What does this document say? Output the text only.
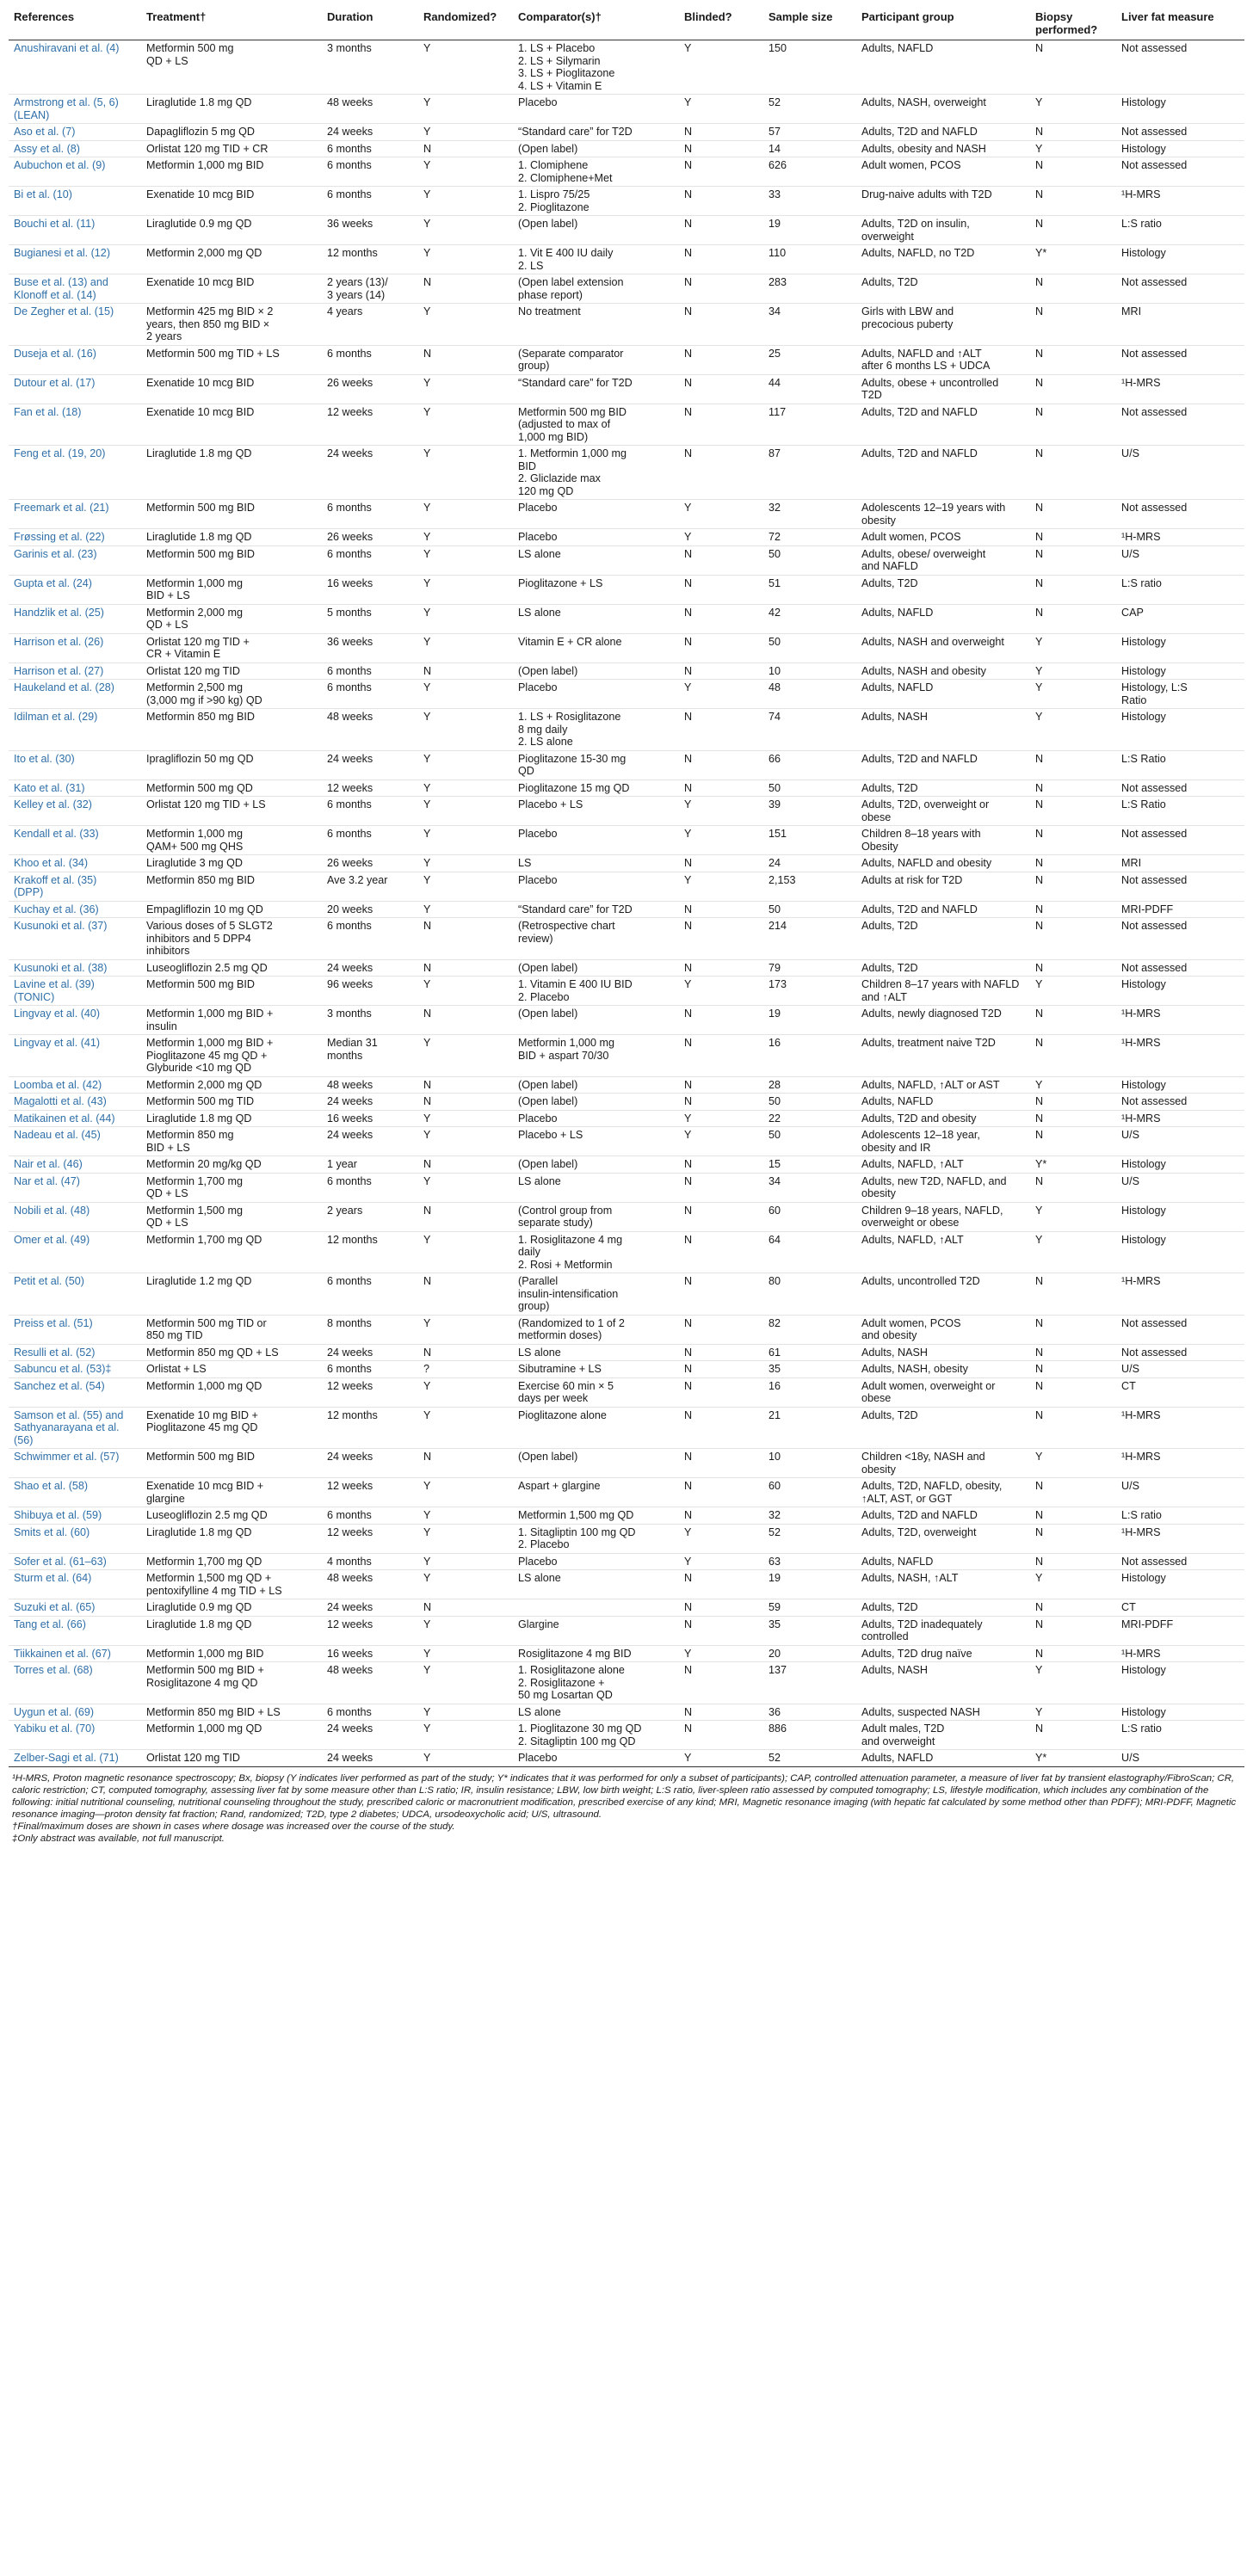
References	Treatment†	Duration	Randomized?	Comparator(s)†	Blinded?	Sample size	Participant group	Biopsy performed?	Liver fat measure

Anushiravani et al. (4)	Metformin 500 mg
QD + LS	3 months	Y	1. LS + Placebo
2. LS + Silymarin
3. LS + Pioglitazone
4. LS + Vitamin E	Y	150	Adults, NAFLD	N	Not assessed

Armstrong et al. (5, 6)
(LEAN)	Liraglutide 1.8 mg QD	48 weeks	Y	Placebo	Y	52	Adults, NASH, overweight	Y	Histology

Aso et al. (7)	Dapagliflozin 5 mg QD	24 weeks	Y	“Standard care” for T2D	N	57	Adults, T2D and NAFLD	N	Not assessed

Assy et al. (8)	Orlistat 120 mg TID + CR	6 months	N	(Open label)	N	14	Adults, obesity and NASH	Y	Histology

Aubuchon et al. (9)	Metformin 1,000 mg BID	6 months	Y	1. Clomiphene
2. Clomiphene+Met	N	626	Adult women, PCOS	N	Not assessed

Bi et al. (10)	Exenatide 10 mcg BID	6 months	Y	1. Lispro 75/25
2. Pioglitazone	N	33	Drug-naive adults with T2D	N	¹H-MRS

Bouchi et al. (11)	Liraglutide 0.9 mg QD	36 weeks	Y	(Open label)	N	19	Adults, T2D on insulin,
overweight	N	L:S ratio

Bugianesi et al. (12)	Metformin 2,000 mg QD	12 months	Y	1. Vit E 400 IU daily
2. LS	N	110	Adults, NAFLD, no T2D	Y*	Histology

Buse et al. (13) and
Klonoff et al. (14)	Exenatide 10 mcg BID	2 years (13)/
3 years (14)	N	(Open label extension
phase report)	N	283	Adults, T2D	N	Not assessed

De Zegher et al. (15)	Metformin 425 mg BID × 2
years, then 850 mg BID ×
2 years	4 years	Y	No treatment	N	34	Girls with LBW and
precocious puberty	N	MRI

Duseja et al. (16)	Metformin 500 mg TID + LS	6 months	N	(Separate comparator
group)	N	25	Adults, NAFLD and ↑ALT
after 6 months LS + UDCA	N	Not assessed

Dutour et al. (17)	Exenatide 10 mcg BID	26 weeks	Y	“Standard care” for T2D	N	44	Adults, obese + uncontrolled
T2D	N	¹H-MRS

Fan et al. (18)	Exenatide 10 mcg BID	12 weeks	Y	Metformin 500 mg BID
(adjusted to max of
1,000 mg BID)	N	117	Adults, T2D and NAFLD	N	Not assessed

Feng et al. (19, 20)	Liraglutide 1.8 mg QD	24 weeks	Y	1. Metformin 1,000 mg
BID
2. Gliclazide max
120 mg QD	N	87	Adults, T2D and NAFLD	N	U/S

Freemark et al. (21)	Metformin 500 mg BID	6 months	Y	Placebo	Y	32	Adolescents 12–19 years with
obesity	N	Not assessed

Frøssing et al. (22)	Liraglutide 1.8 mg QD	26 weeks	Y	Placebo	Y	72	Adult women, PCOS	N	¹H-MRS

Garinis et al. (23)	Metformin 500 mg BID	6 months	Y	LS alone	N	50	Adults, obese/ overweight
and NAFLD	N	U/S

Gupta et al. (24)	Metformin 1,000 mg
BID + LS	16 weeks	Y	Pioglitazone + LS	N	51	Adults, T2D	N	L:S ratio

Handzlik et al. (25)	Metformin 2,000 mg
QD + LS	5 months	Y	LS alone	N	42	Adults, NAFLD	N	CAP

Harrison et al. (26)	Orlistat 120 mg TID +
CR + Vitamin E	36 weeks	Y	Vitamin E + CR alone	N	50	Adults, NASH and overweight	Y	Histology

Harrison et al. (27)	Orlistat 120 mg TID	6 months	N	(Open label)	N	10	Adults, NASH and obesity	Y	Histology

Haukeland et al. (28)	Metformin 2,500 mg
(3,000 mg if >90 kg) QD	6 months	Y	Placebo	Y	48	Adults, NAFLD	Y	Histology, L:S
Ratio

Idilman et al. (29)	Metformin 850 mg BID	48 weeks	Y	1. LS + Rosiglitazone
8 mg daily
2. LS alone	N	74	Adults, NASH	Y	Histology

Ito et al. (30)	Ipragliflozin 50 mg QD	24 weeks	Y	Pioglitazone 15-30 mg
QD	N	66	Adults, T2D and NAFLD	N	L:S Ratio

Kato et al. (31)	Metformin 500 mg QD	12 weeks	Y	Pioglitazone 15 mg QD	N	50	Adults, T2D	N	Not assessed

Kelley et al. (32)	Orlistat 120 mg TID + LS	6 months	Y	Placebo + LS	Y	39	Adults, T2D, overweight or
obese	N	L:S Ratio

Kendall et al. (33)	Metformin 1,000 mg
QAM+ 500 mg QHS	6 months	Y	Placebo	Y	151	Children 8–18 years with
Obesity	N	Not assessed

Khoo et al. (34)	Liraglutide 3 mg QD	26 weeks	Y	LS	N	24	Adults, NAFLD and obesity	N	MRI

Krakoff et al. (35)
(DPP)	Metformin 850 mg BID	Ave 3.2 year	Y	Placebo	Y	2,153	Adults at risk for T2D	N	Not assessed

Kuchay et al. (36)	Empagliflozin 10 mg QD	20 weeks	Y	“Standard care” for T2D	N	50	Adults, T2D and NAFLD	N	MRI-PDFF

Kusunoki et al. (37)	Various doses of 5 SLGT2
inhibitors and 5 DPP4
inhibitors	6 months	N	(Retrospective chart
review)	N	214	Adults, T2D	N	Not assessed

Kusunoki et al. (38)	Luseogliflozin 2.5 mg QD	24 weeks	N	(Open label)	N	79	Adults, T2D	N	Not assessed

Lavine et al. (39)
(TONIC)	Metformin 500 mg BID	96 weeks	Y	1. Vitamin E 400 IU BID
2. Placebo	Y	173	Children 8–17 years with NAFLD
and ↑ALT	Y	Histology

Lingvay et al. (40)	Metformin 1,000 mg BID +
insulin	3 months	N	(Open label)	N	19	Adults, newly diagnosed T2D	N	¹H-MRS

Lingvay et al. (41)	Metformin 1,000 mg BID +
Pioglitazone 45 mg QD +
Glyburide <10 mg QD	Median 31
months	Y	Metformin 1,000 mg
BID + aspart 70/30	N	16	Adults, treatment naive T2D	N	¹H-MRS

Loomba et al. (42)	Metformin 2,000 mg QD	48 weeks	N	(Open label)	N	28	Adults, NAFLD, ↑ALT or AST	Y	Histology

Magalotti et al. (43)	Metformin 500 mg TID	24 weeks	N	(Open label)	N	50	Adults, NAFLD	N	Not assessed

Matikainen et al. (44)	Liraglutide 1.8 mg QD	16 weeks	Y	Placebo	Y	22	Adults, T2D and obesity	N	¹H-MRS

Nadeau et al. (45)	Metformin 850 mg
BID + LS	24 weeks	Y	Placebo + LS	Y	50	Adolescents 12–18 year,
obesity and IR	N	U/S

Nair et al. (46)	Metformin 20 mg/kg QD	1 year	N	(Open label)	N	15	Adults, NAFLD, ↑ALT	Y*	Histology

Nar et al. (47)	Metformin 1,700 mg
QD + LS	6 months	Y	LS alone	N	34	Adults, new T2D, NAFLD, and
obesity	N	U/S

Nobili et al. (48)	Metformin 1,500 mg
QD + LS	2 years	N	(Control group from
separate study)	N	60	Children 9–18 years, NAFLD,
overweight or obese	Y	Histology

Omer et al. (49)	Metformin 1,700 mg QD	12 months	Y	1. Rosiglitazone 4 mg
daily
2. Rosi + Metformin	N	64	Adults, NAFLD, ↑ALT	Y	Histology

Petit et al. (50)	Liraglutide 1.2 mg QD	6 months	N	(Parallel
insulin-intensification
group)	N	80	Adults, uncontrolled T2D	N	¹H-MRS

Preiss et al. (51)	Metformin 500 mg TID or
850 mg TID	8 months	Y	(Randomized to 1 of 2
metformin doses)	N	82	Adult women, PCOS
and obesity	N	Not assessed

Resulli et al. (52)	Metformin 850 mg QD + LS	24 weeks	N	LS alone	N	61	Adults, NASH	N	Not assessed

Sabuncu et al. (53)‡	Orlistat + LS	6 months	?	Sibutramine + LS	N	35	Adults, NASH, obesity	N	U/S

Sanchez et al. (54)	Metformin 1,000 mg QD	12 weeks	Y	Exercise 60 min × 5
days per week	N	16	Adult women, overweight or
obese	N	CT

Samson et al. (55) and
Sathyanarayana et al.
(56)	Exenatide 10 mg BID +
Pioglitazone 45 mg QD	12 months	Y	Pioglitazone alone	N	21	Adults, T2D	N	¹H-MRS

Schwimmer et al. (57)	Metformin 500 mg BID	24 weeks	N	(Open label)	N	10	Children <18y, NASH and
obesity	Y	¹H-MRS

Shao et al. (58)	Exenatide 10 mcg BID +
glargine	12 weeks	Y	Aspart + glargine	N	60	Adults, T2D, NAFLD, obesity,
↑ALT, AST, or GGT	N	U/S

Shibuya et al. (59)	Luseogliflozin 2.5 mg QD	6 months	Y	Metformin 1,500 mg QD	N	32	Adults, T2D and NAFLD	N	L:S ratio

Smits et al. (60)	Liraglutide 1.8 mg QD	12 weeks	Y	1. Sitagliptin 100 mg QD
2. Placebo	Y	52	Adults, T2D, overweight	N	¹H-MRS

Sofer et al. (61–63)	Metformin 1,700 mg QD	4 months	Y	Placebo	Y	63	Adults, NAFLD	N	Not assessed

Sturm et al. (64)	Metformin 1,500 mg QD +
pentoxifylline 4 mg TID + LS	48 weeks	Y	LS alone	N	19	Adults, NASH, ↑ALT	Y	Histology

Suzuki et al. (65)	Liraglutide 0.9 mg QD	24 weeks	N		N	59	Adults, T2D	N	CT

Tang et al. (66)	Liraglutide 1.8 mg QD	12 weeks	Y	Glargine	N	35	Adults, T2D inadequately
controlled	N	MRI-PDFF

Tiikkainen et al. (67)	Metformin 1,000 mg BID	16 weeks	Y	Rosiglitazone 4 mg BID	Y	20	Adults, T2D drug naïve	N	¹H-MRS

Torres et al. (68)	Metformin 500 mg BID +
Rosiglitazone 4 mg QD	48 weeks	Y	1. Rosiglitazone alone
2. Rosiglitazone +
50 mg Losartan QD	N	137	Adults, NASH	Y	Histology

Uygun et al. (69)	Metformin 850 mg BID + LS	6 months	Y	LS alone	N	36	Adults, suspected NASH	Y	Histology

Yabiku et al. (70)	Metformin 1,000 mg QD	24 weeks	Y	1. Pioglitazone 30 mg QD
2. Sitagliptin 100 mg QD	N	886	Adult males, T2D
and overweight	N	L:S ratio

Zelber-Sagi et al. (71)	Orlistat 120 mg TID	24 weeks	Y	Placebo	Y	52	Adults, NAFLD	Y*	U/S

¹H-MRS, Proton magnetic resonance spectroscopy; Bx, biopsy (Y indicates liver performed as part of the study; Y* indicates that it was performed for only a subset of participants); CAP, controlled attenuation parameter, a measure of liver fat by transient elastography/FibroScan; CR, caloric restriction; CT, computed tomography, assessing liver fat by some measure other than L:S ratio; IR, insulin resistance; LBW, low birth weight; L:S ratio, liver-spleen ratio assessed by computed tomography; LS, lifestyle modification, which includes any combination of the following: initial nutritional counseling, nutritional counseling throughout the study, prescribed caloric or macronutrient modification, prescribed exercise of any kind; MRI, Magnetic resonance imaging (with hepatic fat calculated by some method other than PDFF); MRI-PDFF, Magnetic resonance imaging—proton density fat fraction; Rand, randomized; T2D, type 2 diabetes; UDCA, ursodeoxycholic acid; U/S, ultrasound.

†Final/maximum doses are shown in cases where dosage was increased over the course of the study.

‡Only abstract was available, not full manuscript.
